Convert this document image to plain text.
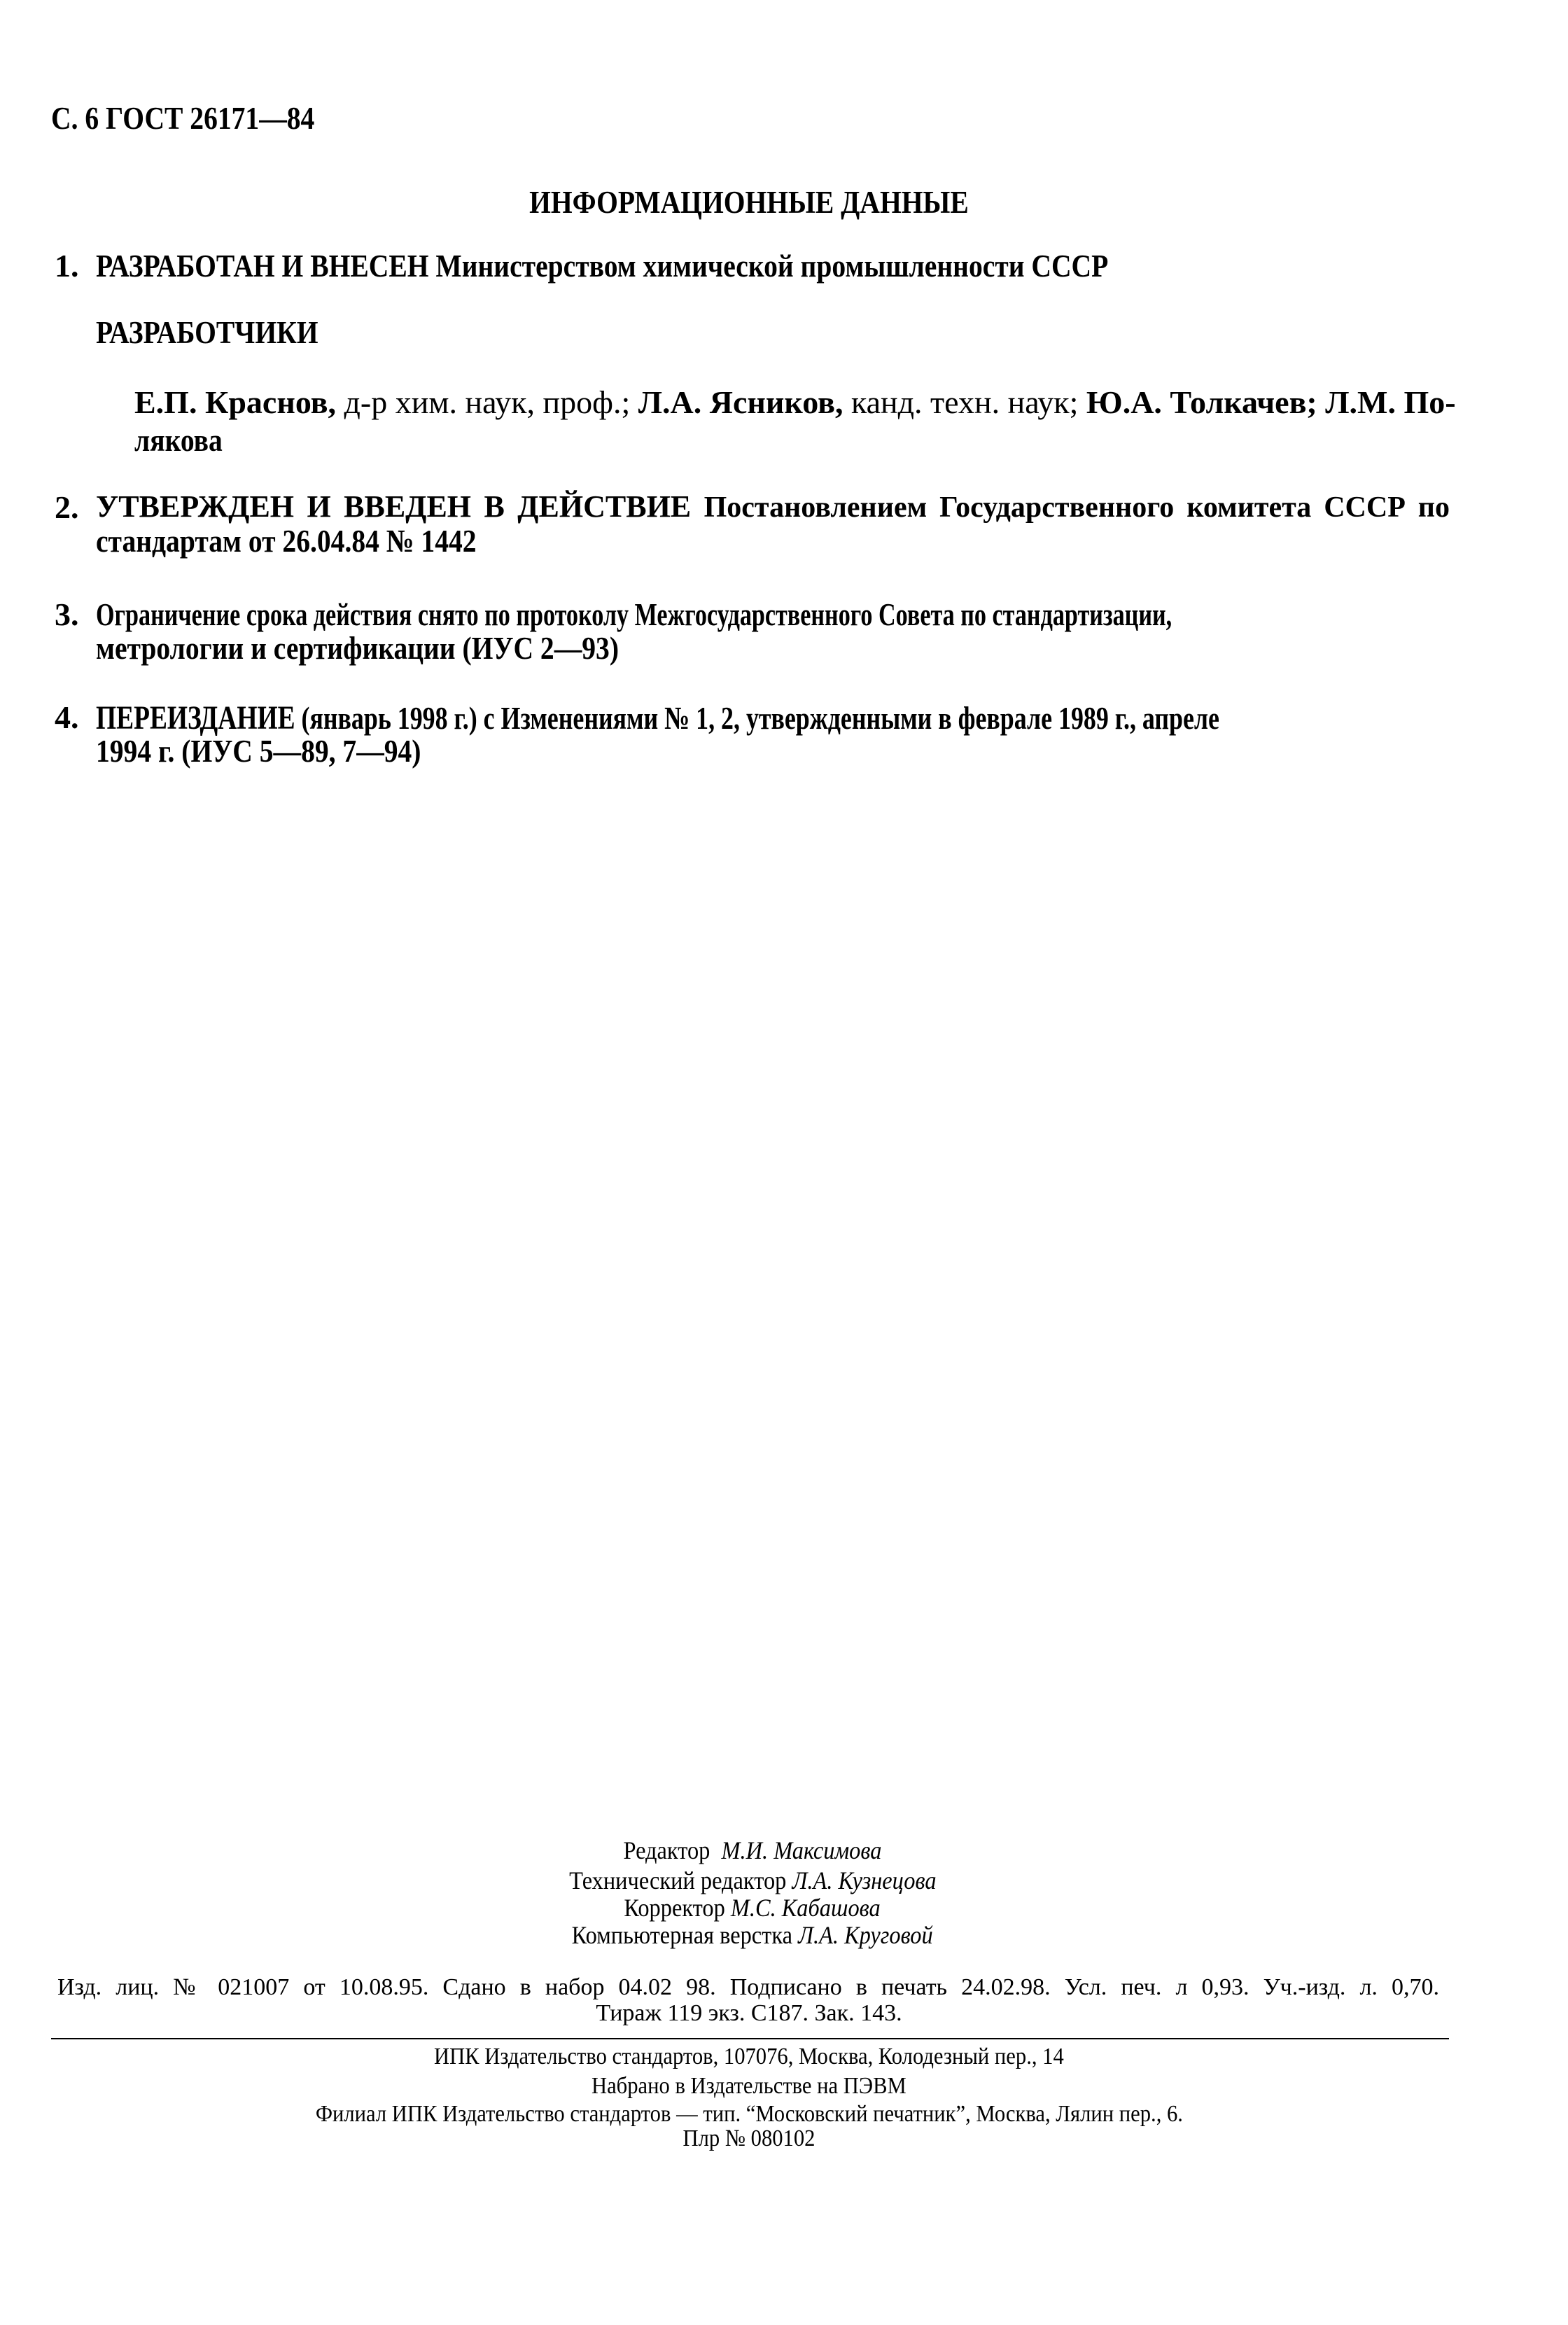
С. 6 ГОСТ 26171—84
ИНФОРМАЦИОННЫЕ ДАННЫЕ
1. РАЗРАБОТАН И ВНЕСЕН Министерством химической промышленности СССР
РАЗРАБОТЧИКИ
Е.П. Краснов, д-р хим. наук, проф.; Л.А. Ясников, канд. техн. наук; Ю.А. Толкачев; Л.М. По-
лякова
2. УТВЕРЖДЕН И ВВЕДЕН В ДЕЙСТВИЕ Постановлением Государственного комитета СССР по
стандартам от 26.04.84 № 1442
3. Ограничение срока действия снято по протоколу Межгосударственного Совета по стандартизации,
метрологии и сертификации (ИУС 2—93)
4. ПЕРЕИЗДАНИЕ (январь 1998 г.) с Изменениями № 1, 2, утвержденными в феврале 1989 г., апреле
1994 г. (ИУС 5—89, 7—94)
Редактор М.И. Максимова
Технический редактор Л.А. Кузнецова
Корректор М.С. Кабашова
Компьютерная верстка Л.А. Круговой
Изд. лиц. № 021007 от 10.08.95. Сдано в набор 04.02 98. Подписано в печать 24.02.98. Усл. печ. л 0,93. Уч.-изд. л. 0,70.
Тираж 119 экз. С187. Зак. 143.
ИПК Издательство стандартов, 107076, Москва, Колодезный пер., 14
Набрано в Издательстве на ПЭВМ
Филиал ИПК Издательство стандартов — тип. “Московский печатник”, Москва, Лялин пер., 6.
Плр № 080102
